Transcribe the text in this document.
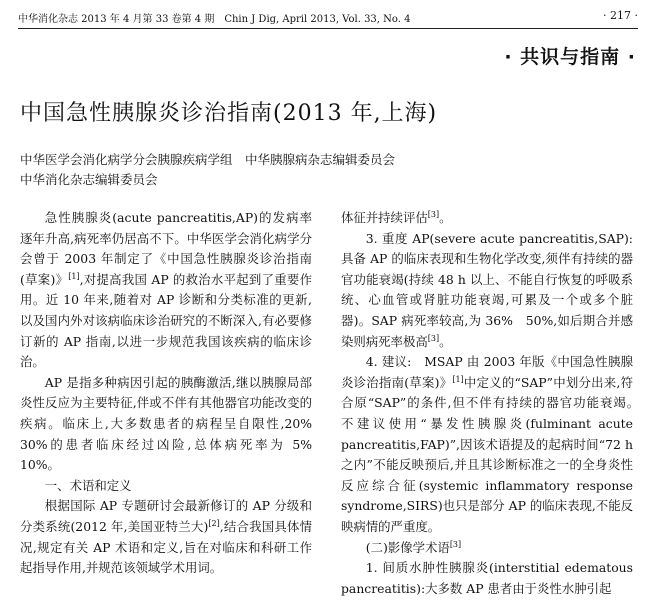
中华消化杂志 2013 年 4 月第 33 卷第 4 期　Chin J Dig, April 2013, Vol. 33, No. 4	· 217 ·
· 共识与指南 ·
中国急性胰腺炎诊治指南(2013 年,上海)
中华医学会消化病学分会胰腺疾病学组　中华胰腺病杂志编辑委员会
中华消化杂志编辑委员会

急性胰腺炎(acute pancreatitis,AP)的发病率逐年升高,病死率仍居高不下。中华医学会消化病学分会曾于 2003 年制定了《中国急性胰腺炎诊治指南(草案)》[1],对提高我国 AP 的救治水平起到了重要作用。近 10 年来,随着对 AP 诊断和分类标准的更新,以及国内外对该病临床诊治研究的不断深入,有必要修订新的 AP 指南,以进一步规范我国该疾病的临床诊治。

AP 是指多种病因引起的胰酶激活,继以胰腺局部炎性反应为主要特征,伴或不伴有其他器官功能改变的疾病。临床上,大多数患者的病程呈自限性,20%　30%的患者临床经过凶险,总体病死率为 5%　10%。

一、术语和定义

根据国际 AP 专题研讨会最新修订的 AP 分级和分类系统(2012 年,美国亚特兰大)[2],结合我国具体情况,规定有关 AP 术语和定义,旨在对临床和科研工作起指导作用,并规范该领域学术用词。

体征并持续评估[3]。

3. 重度 AP(severe acute pancreatitis,SAP):具备 AP 的临床表现和生物化学改变,须伴有持续的器官功能衰竭(持续 48 h 以上、不能自行恢复的呼吸系统、心血管或肾脏功能衰竭,可累及一个或多个脏器)。SAP 病死率较高,为 36%　50%,如后期合并感染则病死率极高[3]。

4. 建议:　MSAP 由 2003 年版《中国急性胰腺炎诊治指南(草案)》[1]中定义的“SAP”中划分出来,符合原“SAP”的条件,但不伴有持续的器官功能衰竭。　不建议使用“暴发性胰腺炎(fulminant acute pancreatitis,FAP)”,因该术语提及的起病时间“72 h 之内”不能反映预后,并且其诊断标准之一的全身炎性反应综合征(systemic inflammatory response syndrome,SIRS)也只是部分 AP 的临床表现,不能反映病情的严重度。

(二)影像学术语[3]

1. 间质水肿性胰腺炎(interstitial edematous pancreatitis):大多数 AP 患者由于炎性水肿引起
